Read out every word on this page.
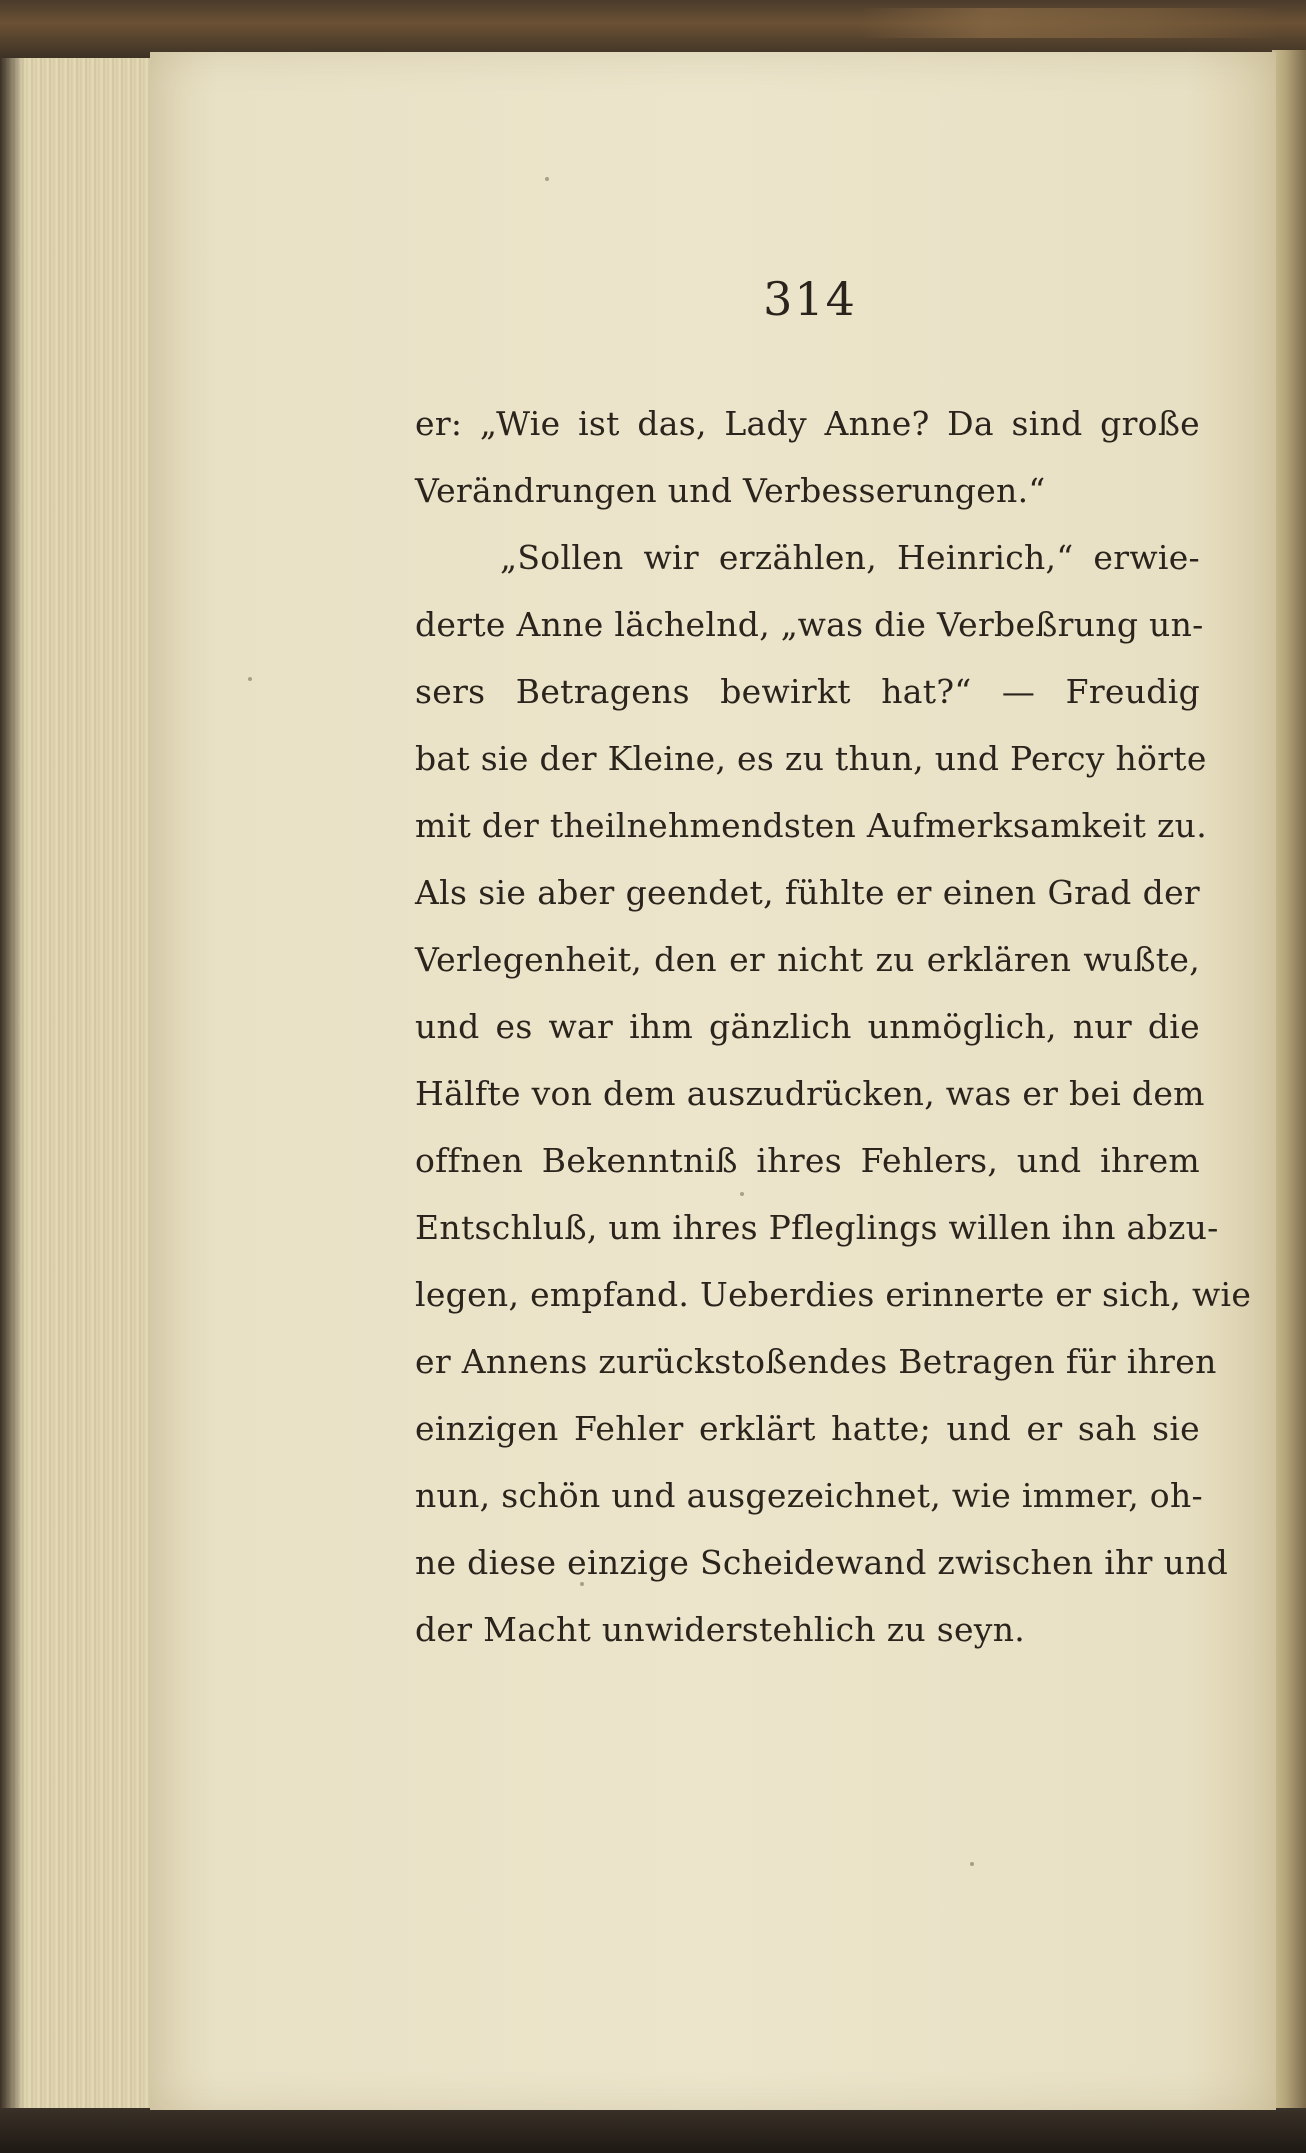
314
er: „Wie ist das, Lady Anne? Da sind große
Verändrungen und Verbesserungen.“
„Sollen wir erzählen, Heinrich,“ erwie-
derte Anne lächelnd, „was die Verbeßrung un-
sers Betragens bewirkt hat?“ — Freudig
bat sie der Kleine, es zu thun, und Percy hörte
mit der theilnehmendsten Aufmerksamkeit zu.
Als sie aber geendet, fühlte er einen Grad der
Verlegenheit, den er nicht zu erklären wußte,
und es war ihm gänzlich unmöglich, nur die
Hälfte von dem auszudrücken, was er bei dem
offnen Bekenntniß ihres Fehlers, und ihrem
Entschluß, um ihres Pfleglings willen ihn abzu-
legen, empfand. Ueberdies erinnerte er sich, wie
er Annens zurückstoßendes Betragen für ihren
einzigen Fehler erklärt hatte; und er sah sie
nun, schön und ausgezeichnet, wie immer, oh-
ne diese einzige Scheidewand zwischen ihr und
der Macht unwiderstehlich zu seyn.
